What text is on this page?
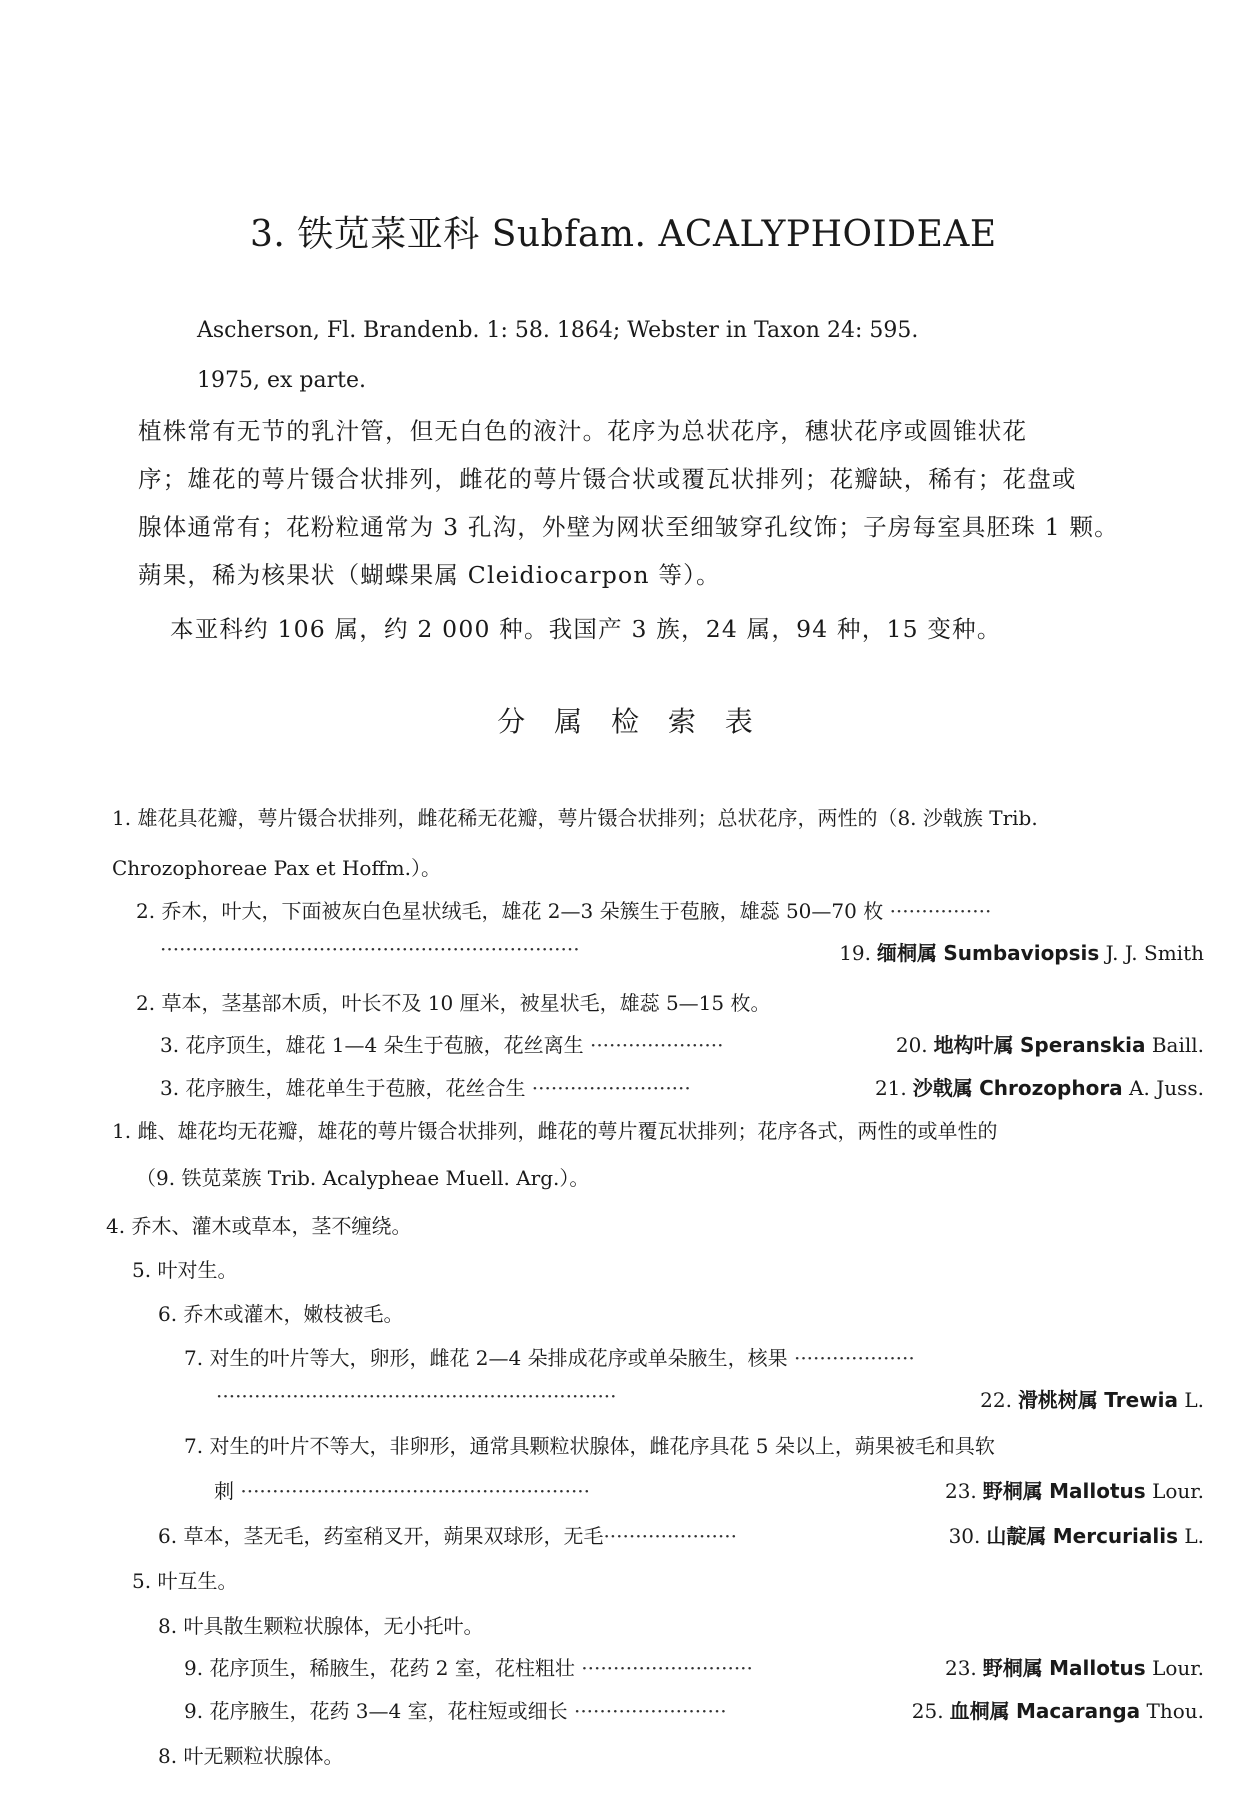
3. 铁苋菜亚科 Subfam. ACALYPHOIDEAE
Ascherson, Fl. Brandenb. 1: 58. 1864; Webster in Taxon 24: 595.
1975, ex parte.
植株常有无节的乳汁管，但无白色的液汁。花序为总状花序，穗状花序或圆锥状花
序；雄花的萼片镊合状排列，雌花的萼片镊合状或覆瓦状排列；花瓣缺，稀有；花盘或
腺体通常有；花粉粒通常为 3 孔沟，外壁为网状至细皱穿孔纹饰；子房每室具胚珠 1 颗。
蒴果，稀为核果状（蝴蝶果属 Cleidiocarpon 等）。
本亚科约 106 属，约 2 000 种。我国产 3 族，24 属，94 种，15 变种。
分 属 检 索 表
1. 雄花具花瓣，萼片镊合状排列，雌花稀无花瓣，萼片镊合状排列；总状花序，两性的（8. 沙戟族 Trib.
Chrozophoreae Pax et Hoffm.）。
2. 乔木，叶大，下面被灰白色星状绒毛，雄花 2—3 朵簇生于苞腋，雄蕊 50—70 枚 ················
··································································	19. 缅桐属 Sumbaviopsis J. J. Smith
2. 草本，茎基部木质，叶长不及 10 厘米，被星状毛，雄蕊 5—15 枚。
3. 花序顶生，雄花 1—4 朵生于苞腋，花丝离生 ·····················	20. 地构叶属 Speranskia Baill.
3. 花序腋生，雄花单生于苞腋，花丝合生 ·························	21. 沙戟属 Chrozophora A. Juss.
1. 雌、雄花均无花瓣，雄花的萼片镊合状排列，雌花的萼片覆瓦状排列；花序各式，两性的或单性的
（9. 铁苋菜族 Trib. Acalypheae Muell. Arg.）。
4. 乔木、灌木或草本，茎不缠绕。
5. 叶对生。
6. 乔木或灌木，嫩枝被毛。
7. 对生的叶片等大，卵形，雌花 2—4 朵排成花序或单朵腋生，核果 ···················
·······························································	22. 滑桃树属 Trewia L.
7. 对生的叶片不等大，非卵形，通常具颗粒状腺体，雌花序具花 5 朵以上，蒴果被毛和具软
刺 ·······················································	23. 野桐属 Mallotus Lour.
6. 草本，茎无毛，药室稍叉开，蒴果双球形，无毛·····················	30. 山靛属 Mercurialis L.
5. 叶互生。
8. 叶具散生颗粒状腺体，无小托叶。
9. 花序顶生，稀腋生，花药 2 室，花柱粗壮 ···························	23. 野桐属 Mallotus Lour.
9. 花序腋生，花药 3—4 室，花柱短或细长 ························	25. 血桐属 Macaranga Thou.
8. 叶无颗粒状腺体。
